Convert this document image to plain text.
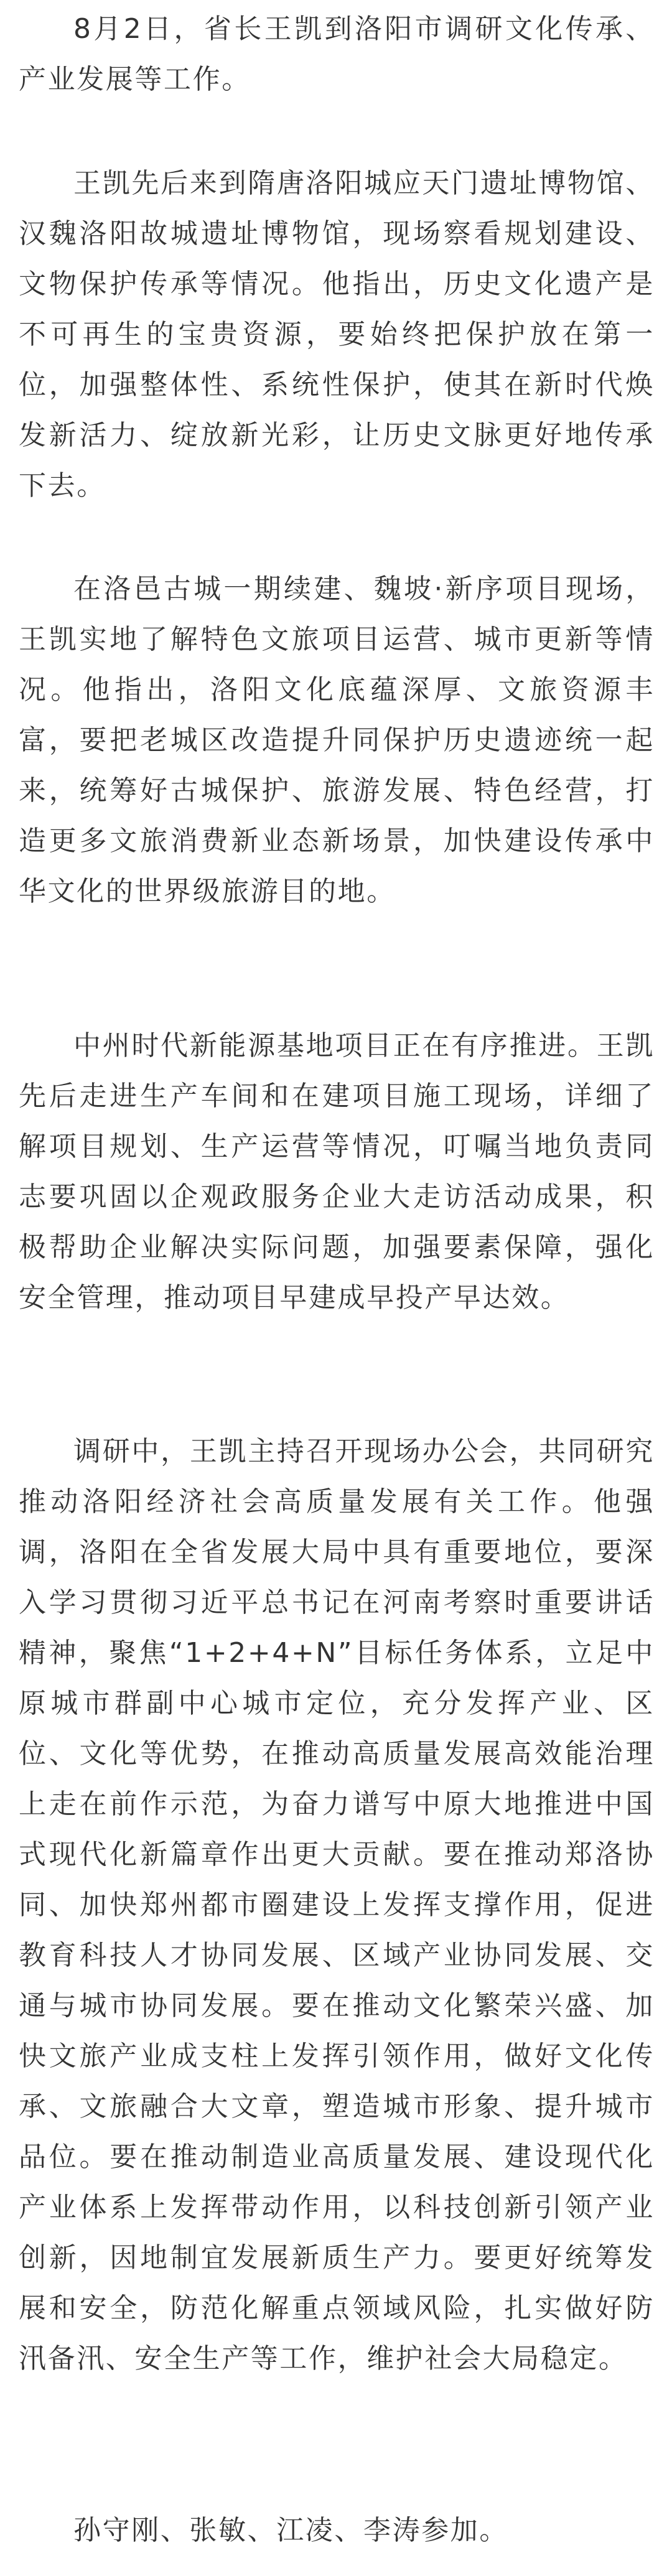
8月2日，省长王凯到洛阳市调研文化传承、产业发展等工作。

王凯先后来到隋唐洛阳城应天门遗址博物馆、汉魏洛阳故城遗址博物馆，现场察看规划建设、文物保护传承等情况。他指出，历史文化遗产是不可再生的宝贵资源，要始终把保护放在第一位，加强整体性、系统性保护，使其在新时代焕发新活力、绽放新光彩，让历史文脉更好地传承下去。

在洛邑古城一期续建、魏坡·新序项目现场，王凯实地了解特色文旅项目运营、城市更新等情况。他指出，洛阳文化底蕴深厚、文旅资源丰富，要把老城区改造提升同保护历史遗迹统一起来，统筹好古城保护、旅游发展、特色经营，打造更多文旅消费新业态新场景，加快建设传承中华文化的世界级旅游目的地。

中州时代新能源基地项目正在有序推进。王凯先后走进生产车间和在建项目施工现场，详细了解项目规划、生产运营等情况，叮嘱当地负责同志要巩固以企观政服务企业大走访活动成果，积极帮助企业解决实际问题，加强要素保障，强化安全管理，推动项目早建成早投产早达效。

调研中，王凯主持召开现场办公会，共同研究推动洛阳经济社会高质量发展有关工作。他强调，洛阳在全省发展大局中具有重要地位，要深入学习贯彻习近平总书记在河南考察时重要讲话精神，聚焦“1+2+4+N”目标任务体系，立足中原城市群副中心城市定位，充分发挥产业、区位、文化等优势，在推动高质量发展高效能治理上走在前作示范，为奋力谱写中原大地推进中国式现代化新篇章作出更大贡献。要在推动郑洛协同、加快郑州都市圈建设上发挥支撑作用，促进教育科技人才协同发展、区域产业协同发展、交通与城市协同发展。要在推动文化繁荣兴盛、加快文旅产业成支柱上发挥引领作用，做好文化传承、文旅融合大文章，塑造城市形象、提升城市品位。要在推动制造业高质量发展、建设现代化产业体系上发挥带动作用，以科技创新引领产业创新，因地制宜发展新质生产力。要更好统筹发展和安全，防范化解重点领域风险，扎实做好防汛备汛、安全生产等工作，维护社会大局稳定。

孙守刚、张敏、江凌、李涛参加。
